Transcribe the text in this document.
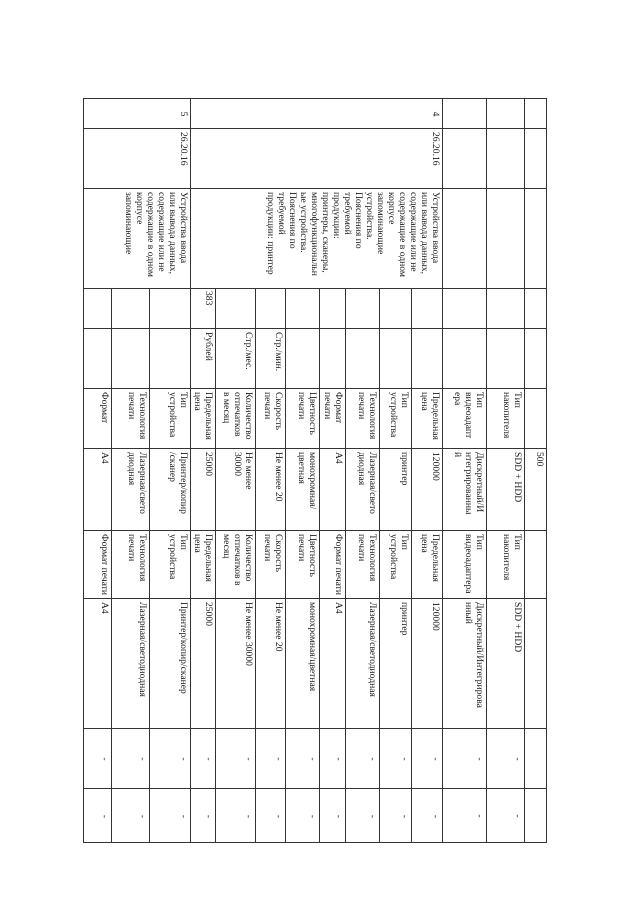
500
Тип
накопителя
SDD + HDD
Тип
накопителя
SDD + HDD
-
-
Тип
видеоадапт
ера
Дискретный/И
нтегрированны
й
Тип
видеоадаптера
Дискретный/Интегрирова
нный
-
-
4
26.20.16
Устройства ввода
или вывода данных,
содержащие или не
содержащие в одном
корпусе
запоминающие
устройства.
Пояснения по
требуемой
продукции:
принтеры, сканеры,
многофункциональн
ые устройства.
Пояснения по
требуемой
продукции: принтер
Предельная
цена
120000
Предельная
цена
120000
-
-
Тип
устройства
принтер
Тип
устройства
принтер
-
-
Технология
печати
Лазерная/свето
диодная
Технология
печати
Лазерная/светодиодная
-
-
Формат
печати
А4
Формат печати
А4
-
-
Цветность
печати
монохромная/
цветная
Цветность
печати
монохромная/цветная
-
-
Стр./мин.
Скорость
печати
Не менее 20
Скорость
печати
Не менее 20
-
-
Стр./мес.
Количество
отпечатков
в месяц
Не менее
30000
Количество
отпечатков в
месяц
Не менее 30000
-
-
383
Рублей
Предельная
цена
25000
Предельная
цена
25000
-
-
5
26.20.16
Устройства ввода
или вывода данных,
содержащие или не
содержащие в одном
корпусе
запоминающие
Тип
устройства
Принтер/копир
/сканер
Тип
устройства
Принтер/копир/сканер
-
-
Технология
печати
Лазерная/свето
диодная
Технология
печати
Лазерная/светодиодная
-
-
Формат
А4
Формат печати
А4
-
-
